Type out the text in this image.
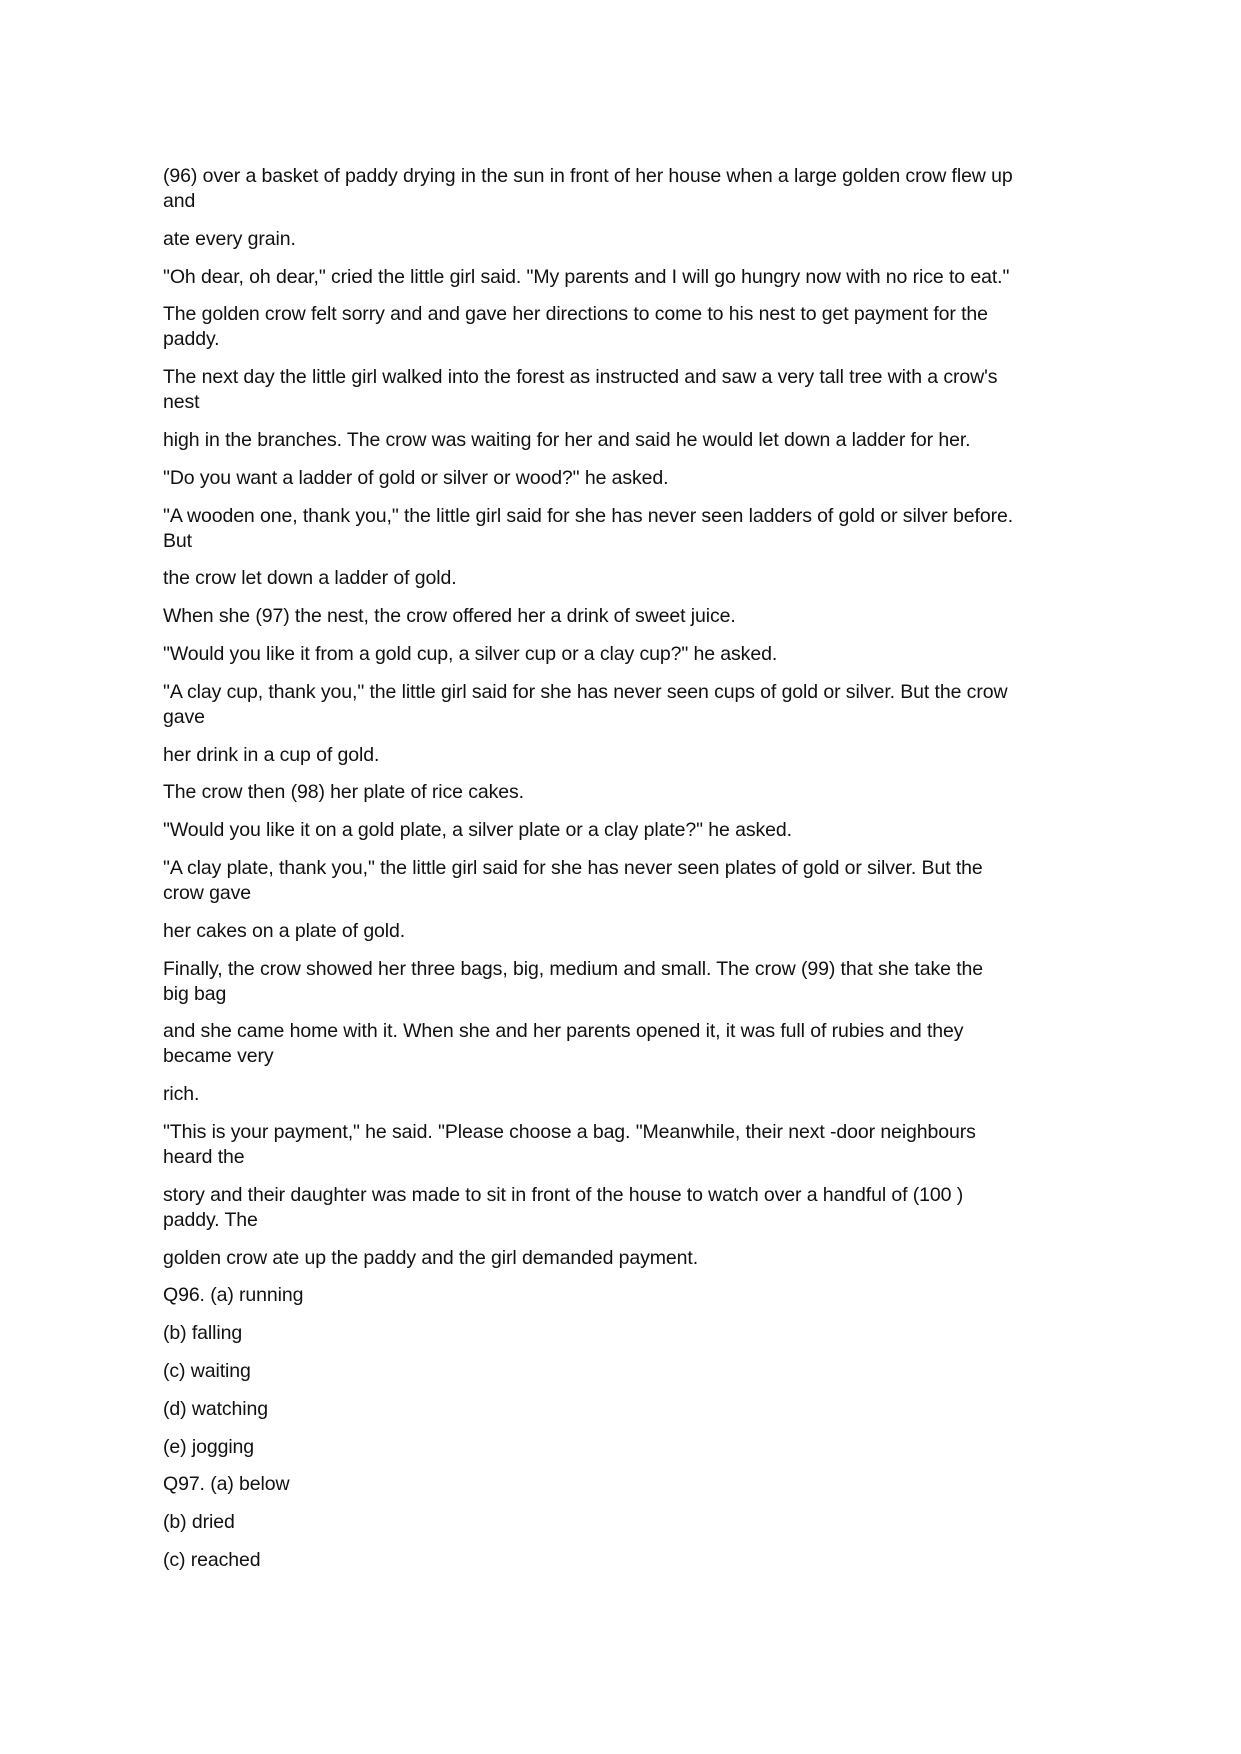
(96) over a basket of paddy drying in the sun in front of her house when a large golden crow flew up
and

ate every grain.

"Oh dear, oh dear," cried the little girl said. "My parents and I will go hungry now with no rice to eat."

The golden crow felt sorry and and gave her directions to come to his nest to get payment for the
paddy.

The next day the little girl walked into the forest as instructed and saw a very tall tree with a crow's
nest

high in the branches. The crow was waiting for her and said he would let down a ladder for her.

"Do you want a ladder of gold or silver or wood?" he asked.

"A wooden one, thank you," the little girl said for she has never seen ladders of gold or silver before.
But

the crow let down a ladder of gold.

When she (97) the nest, the crow offered her a drink of sweet juice.

"Would you like it from a gold cup, a silver cup or a clay cup?" he asked.

"A clay cup, thank you," the little girl said for she has never seen cups of gold or silver. But the crow
gave

her drink in a cup of gold.

The crow then (98) her plate of rice cakes.

"Would you like it on a gold plate, a silver plate or a clay plate?" he asked.

"A clay plate, thank you," the little girl said for she has never seen plates of gold or silver. But the
crow gave

her cakes on a plate of gold.

Finally, the crow showed her three bags, big, medium and small. The crow (99) that she take the
big bag

and she came home with it. When she and her parents opened it, it was full of rubies and they
became very

rich.

"This is your payment," he said. "Please choose a bag. "Meanwhile, their next -door neighbours
heard the

story and their daughter was made to sit in front of the house to watch over a handful of (100 )
paddy. The

golden crow ate up the paddy and the girl demanded payment.

Q96. (a) running

(b) falling

(c) waiting

(d) watching

(e) jogging

Q97. (a) below

(b) dried

(c) reached
